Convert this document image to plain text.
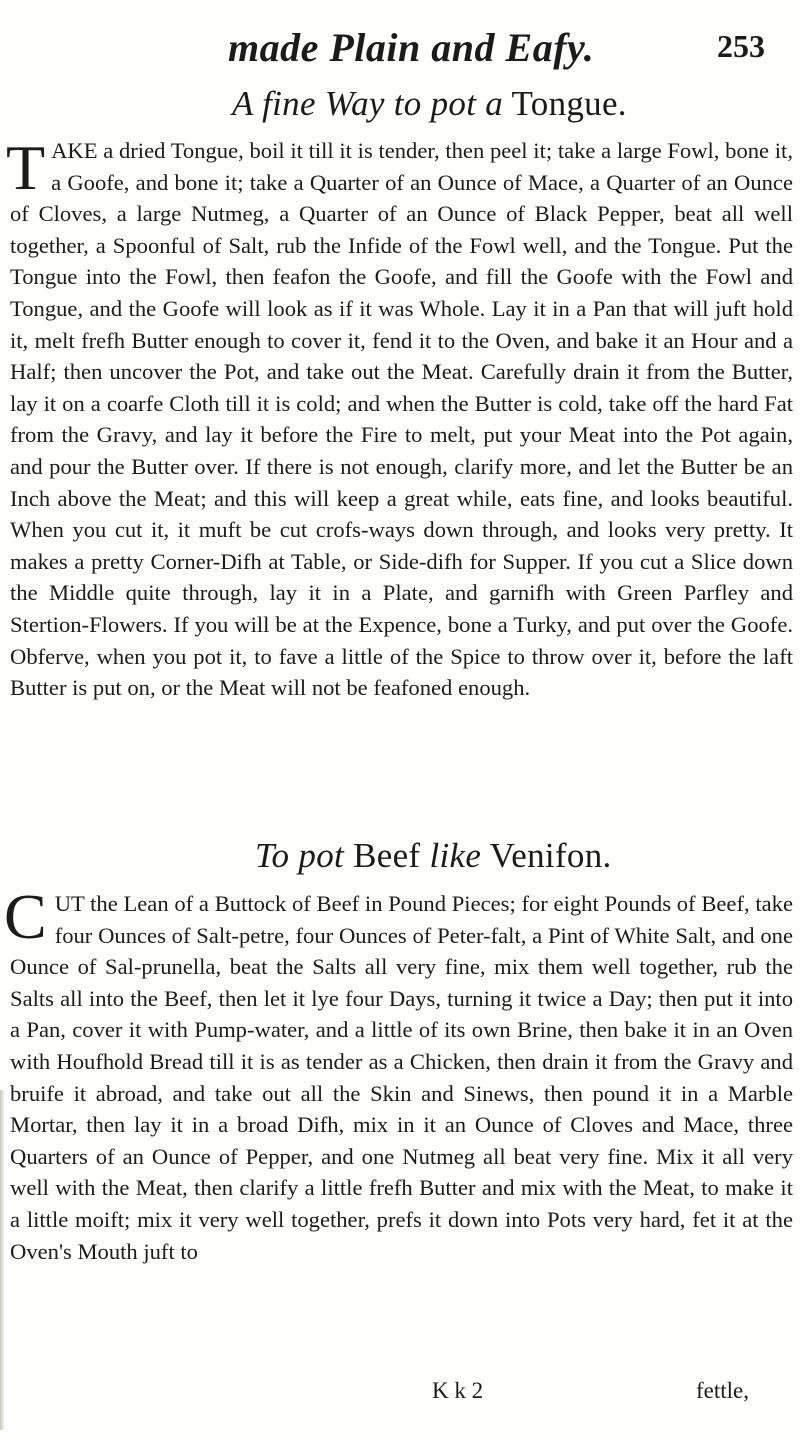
made Plain and Eafy.	253
A fine Way to pot a Tongue.
TAKE a dried Tongue, boil it till it is tender, then peel it; take a large Fowl, bone it, a Goofe, and bone it; take a Quarter of an Ounce of Mace, a Quarter of an Ounce of Cloves, a large Nutmeg, a Quarter of an Ounce of Black Pepper, beat all well together, a Spoonful of Salt, rub the Infide of the Fowl well, and the Tongue. Put the Tongue into the Fowl, then feafon the Goofe, and fill the Goofe with the Fowl and Tongue, and the Goofe will look as if it was Whole. Lay it in a Pan that will juft hold it, melt frefh Butter enough to cover it, fend it to the Oven, and bake it an Hour and a Half; then uncover the Pot, and take out the Meat. Carefully drain it from the Butter, lay it on a coarfe Cloth till it is cold; and when the Butter is cold, take off the hard Fat from the Gravy, and lay it before the Fire to melt, put your Meat into the Pot again, and pour the Butter over. If there is not enough, clarify more, and let the Butter be an Inch above the Meat; and this will keep a great while, eats fine, and looks beautiful. When you cut it, it muft be cut crofs-ways down through, and looks very pretty. It makes a pretty Corner-Difh at Table, or Side-difh for Supper. If you cut a Slice down the Middle quite through, lay it in a Plate, and garnifh with Green Parfley and Stertion-Flowers. If you will be at the Expence, bone a Turky, and put over the Goofe. Obferve, when you pot it, to fave a little of the Spice to throw over it, before the laft Butter is put on, or the Meat will not be feafoned enough.
To pot Beef like Venifon.
CUT the Lean of a Buttock of Beef in Pound Pieces; for eight Pounds of Beef, take four Ounces of Salt-petre, four Ounces of Peter-falt, a Pint of White Salt, and one Ounce of Sal-prunella, beat the Salts all very fine, mix them well together, rub the Salts all into the Beef, then let it lye four Days, turning it twice a Day; then put it into a Pan, cover it with Pump-water, and a little of its own Brine, then bake it in an Oven with Houfhold Bread till it is as tender as a Chicken, then drain it from the Gravy and bruife it abroad, and take out all the Skin and Sinews, then pound it in a Marble Mortar, then lay it in a broad Difh, mix in it an Ounce of Cloves and Mace, three Quarters of an Ounce of Pepper, and one Nutmeg all beat very fine. Mix it all very well with the Meat, then clarify a little frefh Butter and mix with the Meat, to make it a little moift; mix it very well together, prefs it down into Pots very hard, fet it at the Oven's Mouth juft to
K k 2	fettle,
